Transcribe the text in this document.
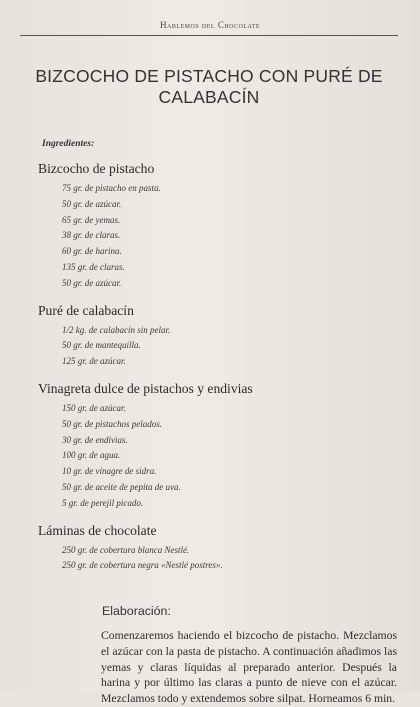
Hablemos del Chocolate
BIZCOCHO DE PISTACHO CON PURÉ DE CALABACÍN
Ingredientes:
Bizcocho de pistacho
75 gr. de pistacho en pasta.
50 gr. de azúcar.
65 gr. de yemas.
38 gr. de claras.
60 gr. de harina.
135 gr. de claras.
50 gr. de azúcar.
Puré de calabacín
1/2 kg. de calabacín sin pelar.
50 gr. de mantequilla.
125 gr. de azúcar.
Vinagreta dulce de pistachos y endivias
150 gr. de azúcar.
50 gr. de pistachos pelados.
30 gr. de endivias.
100 gr. de agua.
10 gr. de vinagre de sidra.
50 gr. de aceite de pepita de uva.
5 gr. de perejil picado.
Láminas de chocolate
250 gr. de cobertura blanca Nestlé.
250 gr. de cobertura negra «Nestlé postres».
Elaboración:
Comenzaremos haciendo el bizcocho de pistacho. Mezclamos el azúcar con la pasta de pistacho. A continuación añadimos las yemas y claras líquidas al preparado anterior. Después la harina y por último las claras a punto de nieve con el azúcar. Mezclamos todo y extendemos sobre silpat. Horneamos 6 min.
